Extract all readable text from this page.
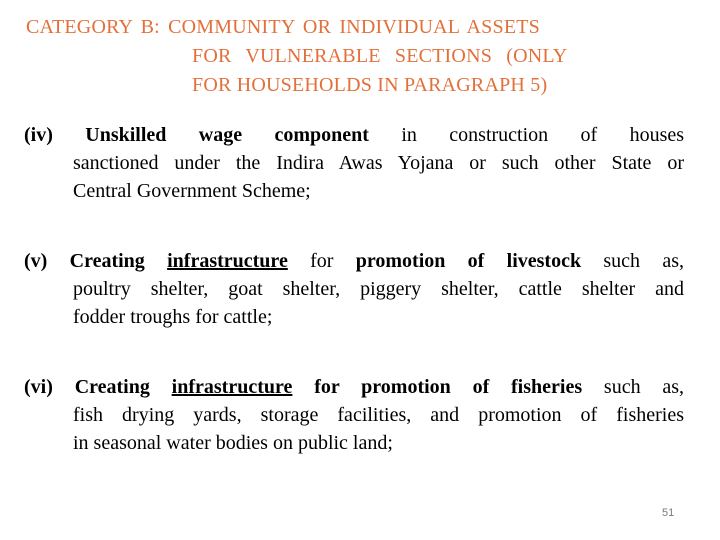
CATEGORY B: COMMUNITY OR INDIVIDUAL ASSETS
FOR VULNERABLE SECTIONS (ONLY
FOR HOUSEHOLDS IN PARAGRAPH 5)
(iv) Unskilled wage component in construction of houses
sanctioned under the Indira Awas Yojana or such other State or
Central Government Scheme;
(v) Creating infrastructure for promotion of livestock such as,
poultry shelter, goat shelter, piggery shelter, cattle shelter and
fodder troughs for cattle;
(vi) Creating infrastructure for promotion of fisheries such as,
fish drying yards, storage facilities, and promotion of fisheries
in seasonal water bodies on public land;
51
